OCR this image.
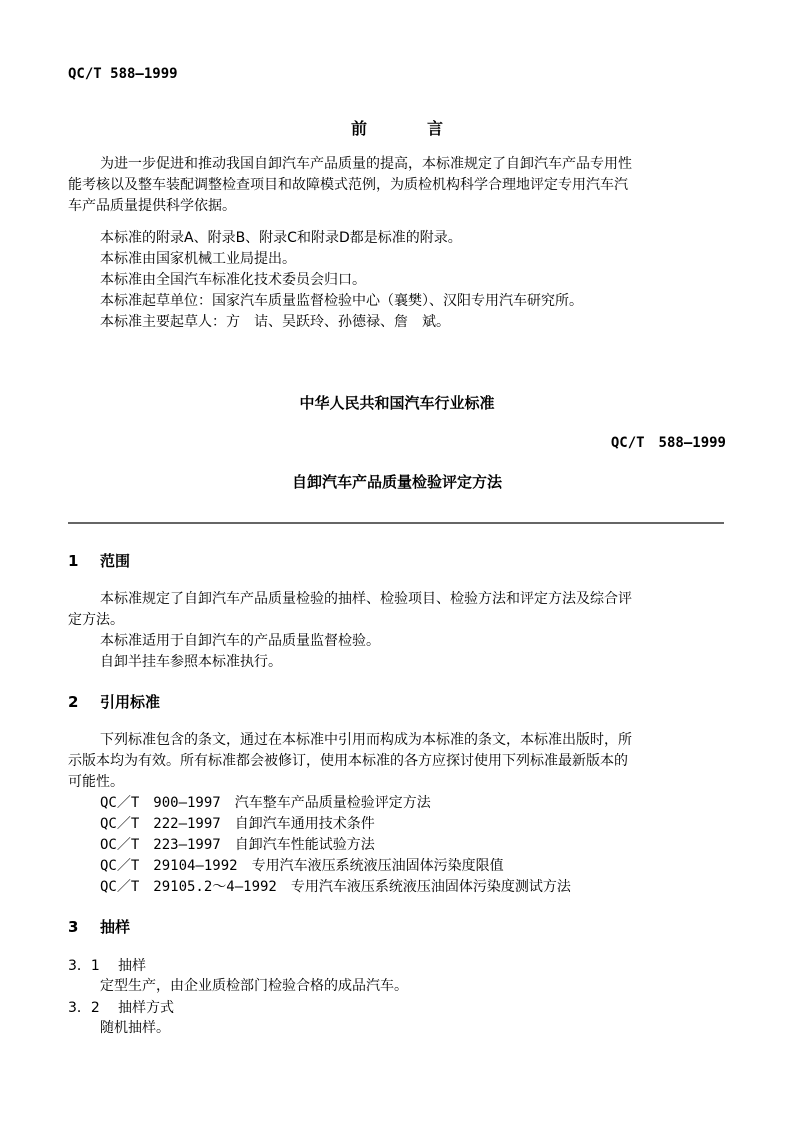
QC/T 588—1999
前言
为进一步促进和推动我国自卸汽车产品质量的提高，本标准规定了自卸汽车产品专用性
能考核以及整车装配调整检查项目和故障模式范例，为质检机构科学合理地评定专用汽车汽
车产品质量提供科学依据。
本标准的附录A、附录B、附录C和附录D都是标准的附录。
本标准由国家机械工业局提出。
本标准由全国汽车标准化技术委员会归口。
本标准起草单位：国家汽车质量监督检验中心（襄樊）、汉阳专用汽车研究所。
本标准主要起草人：方　诘、吴跃玲、孙德禄、詹　斌。
中华人民共和国汽车行业标准
QC/T　588—1999
自卸汽车产品质量检验评定方法
1 范围
本标准规定了自卸汽车产品质量检验的抽样、检验项目、检验方法和评定方法及综合评
定方法。
本标准适用于自卸汽车的产品质量监督检验。
自卸半挂车参照本标准执行。
2 引用标准
下列标准包含的条文，通过在本标准中引用而构成为本标准的条文，本标准出版时，所
示版本均为有效。所有标准都会被修订，使用本标准的各方应探讨使用下列标准最新版本的
可能性。
QC／T　900—1997 汽车整车产品质量检验评定方法
QC／T　222—1997 自卸汽车通用技术条件
OC／T　223—1997 自卸汽车性能试验方法
QC／T　29104—1992 专用汽车液压系统液压油固体污染度限值
QC／T　29105.2～4—1992 专用汽车液压系统液压油固体污染度测试方法
3 抽样
3．1 抽样
定型生产，由企业质检部门检验合格的成品汽车。
3．2 抽样方式
随机抽样。
